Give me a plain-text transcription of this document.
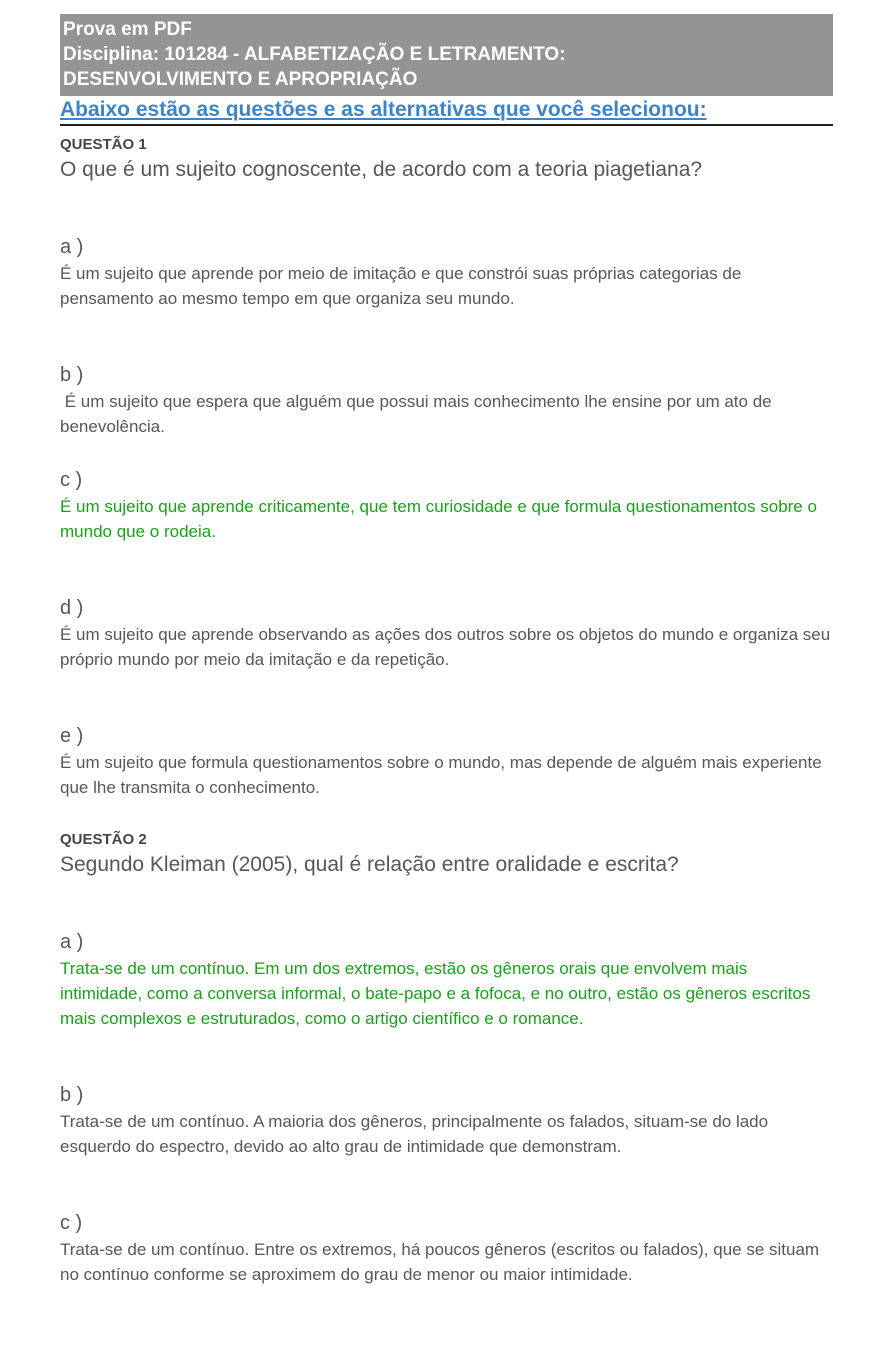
Prova em PDF
Disciplina: 101284 - ALFABETIZAÇÃO E LETRAMENTO:
DESENVOLVIMENTO E APROPRIAÇÃO
Abaixo estão as questões e as alternativas que você selecionou:
QUESTÃO 1
O que é um sujeito cognoscente, de acordo com a teoria piagetiana?
a )
É um sujeito que aprende por meio de imitação e que constrói suas próprias categorias de pensamento ao mesmo tempo em que organiza seu mundo.
b )
É um sujeito que espera que alguém que possui mais conhecimento lhe ensine por um ato de benevolência.
c )
É um sujeito que aprende criticamente, que tem curiosidade e que formula questionamentos sobre o mundo que o rodeia.
d )
É um sujeito que aprende observando as ações dos outros sobre os objetos do mundo e organiza seu próprio mundo por meio da imitação e da repetição.
e )
É um sujeito que formula questionamentos sobre o mundo, mas depende de alguém mais experiente que lhe transmita o conhecimento.
QUESTÃO 2
Segundo Kleiman (2005), qual é relação entre oralidade e escrita?
a )
Trata-se de um contínuo. Em um dos extremos, estão os gêneros orais que envolvem mais intimidade, como a conversa informal, o bate-papo e a fofoca, e no outro, estão os gêneros escritos mais complexos e estruturados, como o artigo científico e o romance.
b )
Trata-se de um contínuo. A maioria dos gêneros, principalmente os falados, situam-se do lado esquerdo do espectro, devido ao alto grau de intimidade que demonstram.
c )
Trata-se de um contínuo. Entre os extremos, há poucos gêneros (escritos ou falados), que se situam no contínuo conforme se aproximem do grau de menor ou maior intimidade.
